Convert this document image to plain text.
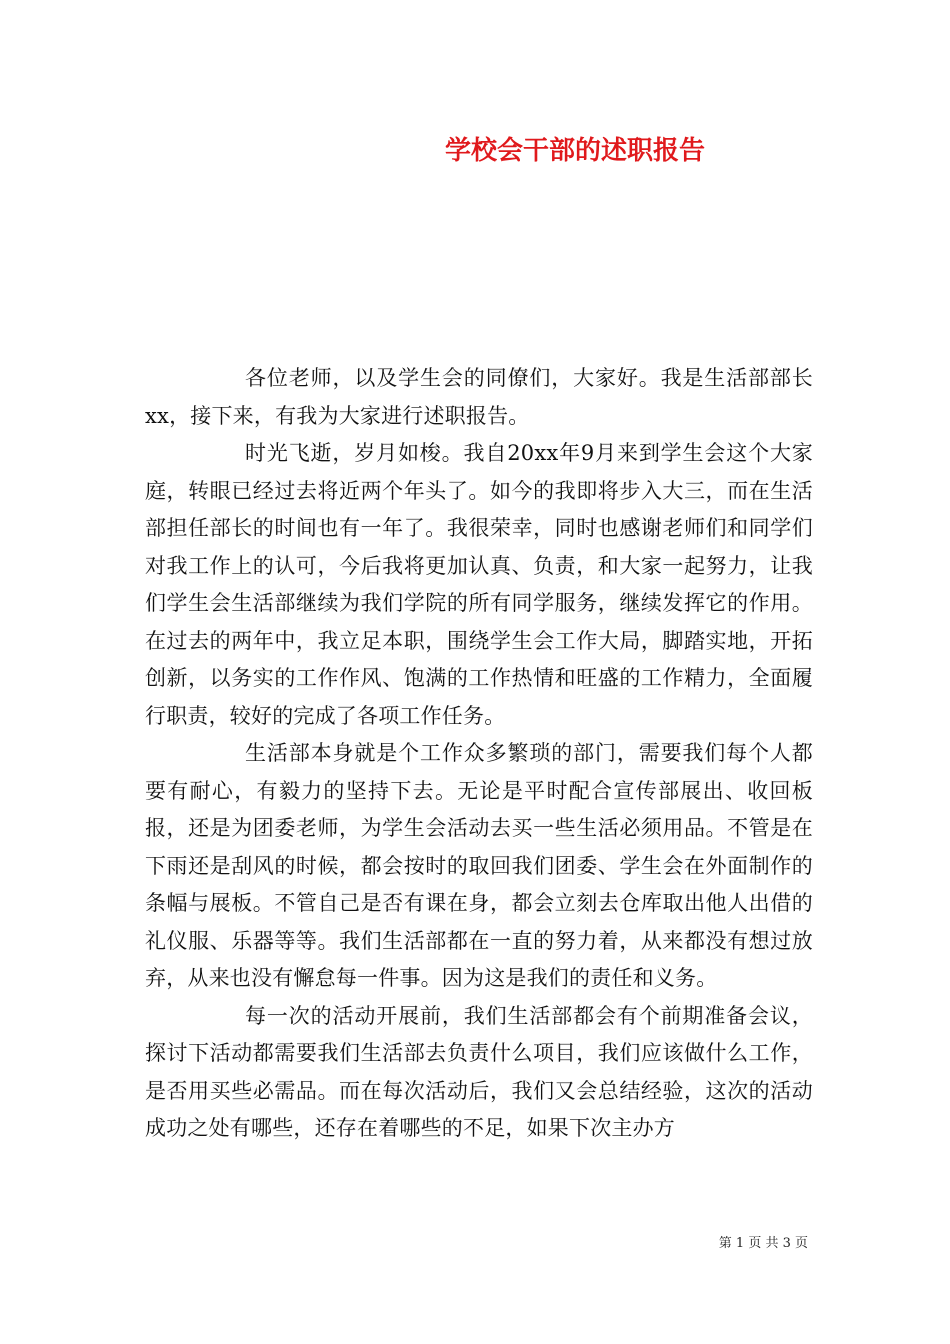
学校会干部的述职报告

各位老师，以及学生会的同僚们，大家好。我是生活部部长xx，接下来，有我为大家进行述职报告。

时光飞逝，岁月如梭。我自20xx年9月来到学生会这个大家庭，转眼已经过去将近两个年头了。如今的我即将步入大三，而在生活部担任部长的时间也有一年了。我很荣幸，同时也感谢老师们和同学们对我工作上的认可，今后我将更加认真、负责，和大家一起努力，让我们学生会生活部继续为我们学院的所有同学服务，继续发挥它的作用。在过去的两年中，我立足本职，围绕学生会工作大局，脚踏实地，开拓创新，以务实的工作作风、饱满的工作热情和旺盛的工作精力，全面履行职责，较好的完成了各项工作任务。

生活部本身就是个工作众多繁琐的部门，需要我们每个人都要有耐心，有毅力的坚持下去。无论是平时配合宣传部展出、收回板报，还是为团委老师，为学生会活动去买一些生活必须用品。不管是在下雨还是刮风的时候，都会按时的取回我们团委、学生会在外面制作的条幅与展板。不管自己是否有课在身，都会立刻去仓库取出他人出借的礼仪服、乐器等等。我们生活部都在一直的努力着，从来都没有想过放弃，从来也没有懈怠每一件事。因为这是我们的责任和义务。

每一次的活动开展前，我们生活部都会有个前期准备会议，探讨下活动都需要我们生活部去负责什么项目，我们应该做什么工作，是否用买些必需品。而在每次活动后，我们又会总结经验，这次的活动成功之处有哪些，还存在着哪些的不足，如果下次主办方

第 1 页 共 3 页
